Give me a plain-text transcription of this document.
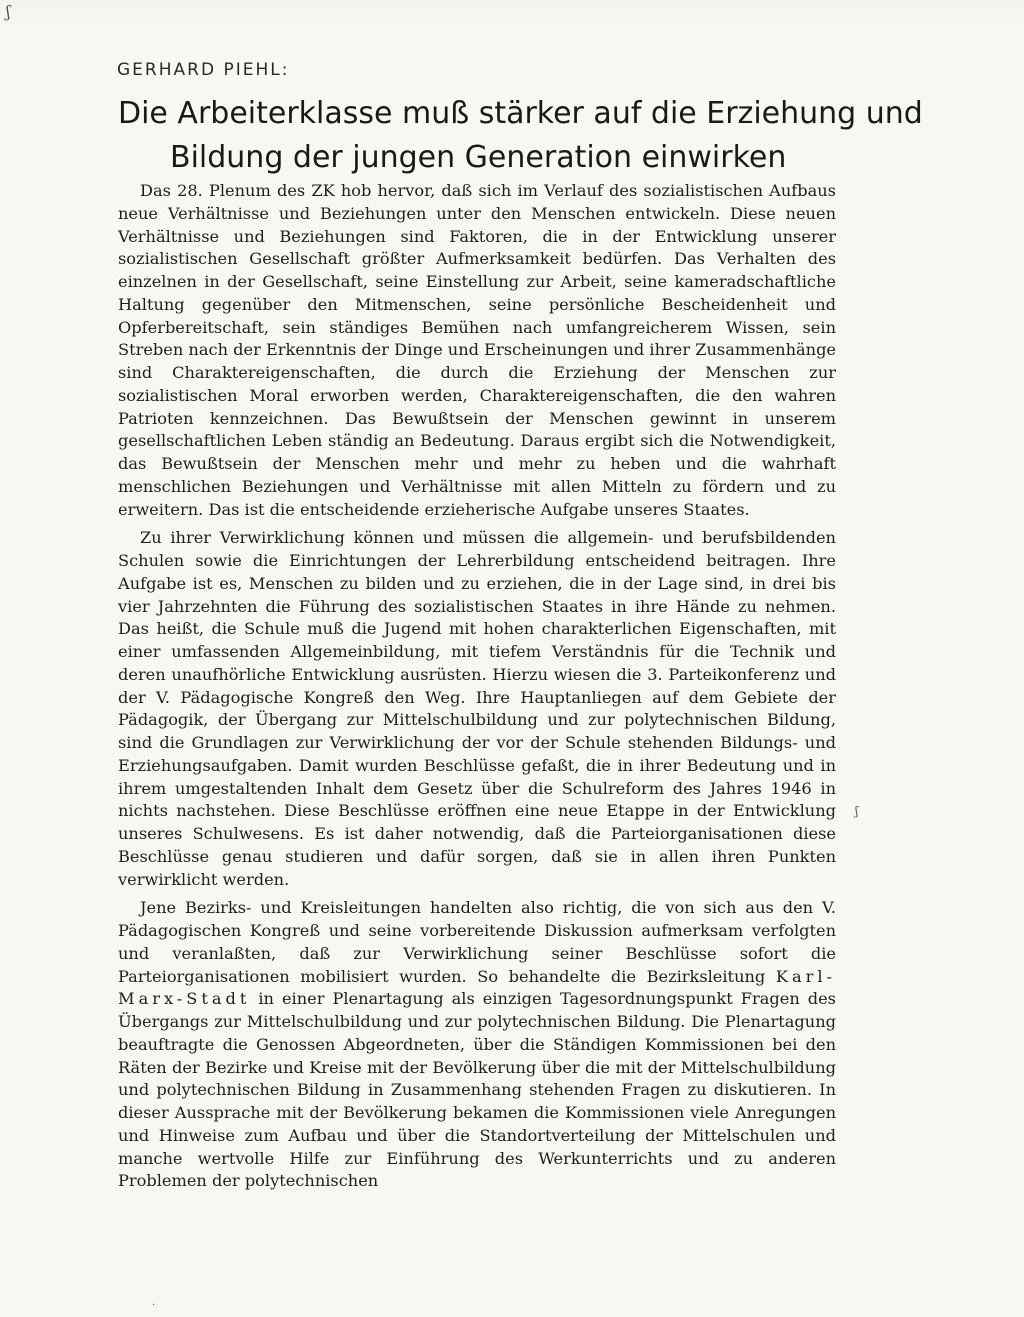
ʃ
ʃ
·
GERHARD PIEHL:
Die Arbeiterklasse muß stärker auf die Erziehung und
Bildung der jungen Generation einwirken

Das 28. Plenum des ZK hob hervor, daß sich im Verlauf des sozialistischen Aufbaus neue Verhältnisse und Beziehungen unter den Menschen entwickeln. Diese neuen Verhältnisse und Beziehungen sind Faktoren, die in der Entwicklung unserer sozialistischen Gesellschaft größter Aufmerksamkeit bedürfen. Das Verhalten des einzelnen in der Gesellschaft, seine Einstellung zur Arbeit, seine kameradschaftliche Haltung gegenüber den Mitmenschen, seine persönliche Bescheidenheit und Opferbereitschaft, sein ständiges Bemühen nach umfangreicherem Wissen, sein Streben nach der Erkenntnis der Dinge und Erscheinungen und ihrer Zusammenhänge sind Charaktereigenschaften, die durch die Erziehung der Menschen zur sozialistischen Moral erworben werden, Charaktereigenschaften, die den wahren Patrioten kennzeichnen. Das Bewußtsein der Menschen gewinnt in unserem gesellschaftlichen Leben ständig an Bedeutung. Daraus ergibt sich die Notwendigkeit, das Bewußtsein der Menschen mehr und mehr zu heben und die wahrhaft menschlichen Beziehungen und Verhältnisse mit allen Mitteln zu fördern und zu erweitern. Das ist die entscheidende erzieherische Aufgabe unseres Staates.

Zu ihrer Verwirklichung können und müssen die allgemein- und berufsbildenden Schulen sowie die Einrichtungen der Lehrerbildung entscheidend beitragen. Ihre Aufgabe ist es, Menschen zu bilden und zu erziehen, die in der Lage sind, in drei bis vier Jahrzehnten die Führung des sozialistischen Staates in ihre Hände zu nehmen. Das heißt, die Schule muß die Jugend mit hohen charakterlichen Eigenschaften, mit einer umfassenden Allgemeinbildung, mit tiefem Verständnis für die Technik und deren unaufhörliche Entwicklung ausrüsten. Hierzu wiesen die 3. Parteikonferenz und der V. Pädagogische Kongreß den Weg. Ihre Hauptanliegen auf dem Gebiete der Pädagogik, der Übergang zur Mittelschulbildung und zur polytechnischen Bildung, sind die Grundlagen zur Verwirklichung der vor der Schule stehenden Bildungs- und Erziehungsaufgaben. Damit wurden Beschlüsse gefaßt, die in ihrer Bedeutung und in ihrem umgestaltenden Inhalt dem Gesetz über die Schulreform des Jahres 1946 in nichts nachstehen. Diese Beschlüsse eröffnen eine neue Etappe in der Entwicklung unseres Schulwesens. Es ist daher notwendig, daß die Parteiorganisationen diese Beschlüsse genau studieren und dafür sorgen, daß sie in allen ihren Punkten verwirklicht werden.

Jene Bezirks- und Kreisleitungen handelten also richtig, die von sich aus den V. Pädagogischen Kongreß und seine vorbereitende Diskussion aufmerksam verfolgten und veranlaßten, daß zur Verwirklichung seiner Beschlüsse sofort die Parteiorganisationen mobilisiert wurden. So behandelte die Bezirksleitung Karl-Marx-Stadt in einer Plenartagung als einzigen Tagesordnungspunkt Fragen des Übergangs zur Mittelschulbildung und zur polytechnischen Bildung. Die Plenartagung beauftragte die Genossen Abgeordneten, über die Ständigen Kommissionen bei den Räten der Bezirke und Kreise mit der Bevölkerung über die mit der Mittelschulbildung und polytechnischen Bildung in Zusammenhang stehenden Fragen zu diskutieren. In dieser Aussprache mit der Bevölkerung bekamen die Kommissionen viele Anregungen und Hinweise zum Aufbau und über die Standortverteilung der Mittelschulen und manche wertvolle Hilfe zur Einführung des Werkunterrichts und zu anderen Problemen der polytechnischen
